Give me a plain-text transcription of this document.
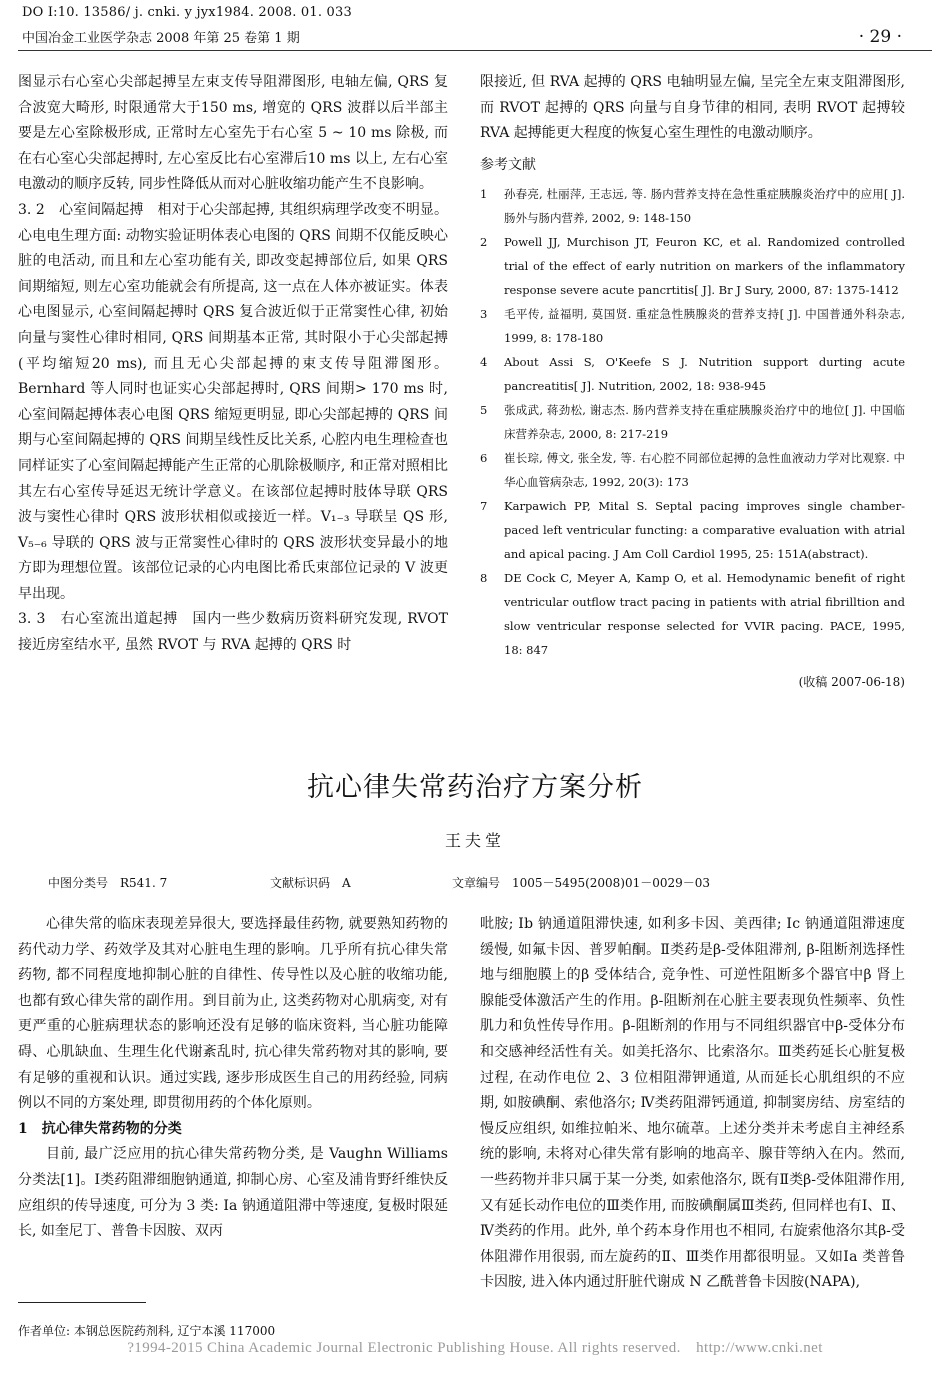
DO I:10. 13586/ j. cnki. y jyx1984. 2008. 01. 033
中国冶金工业医学杂志 2008 年第 25 卷第 1 期	· 29 ·

图显示右心室心尖部起搏呈左束支传导阻滞图形, 电轴左偏, QRS 复合波宽大畸形, 时限通常大于150 ms, 增宽的 QRS 波群以后半部主要是左心室除极形成, 正常时左心室先于右心室 5 ~ 10 ms 除极, 而在右心室心尖部起搏时, 左心室反比右心室滞后10 ms 以上, 左右心室电激动的顺序反转, 同步性降低从而对心脏收缩功能产生不良影响。

3. 2　心室间隔起搏　相对于心尖部起搏, 其组织病理学改变不明显。心电电生理方面: 动物实验证明体表心电图的 QRS 间期不仅能反映心脏的电活动, 而且和左心室功能有关, 即改变起搏部位后, 如果 QRS 间期缩短, 则左心室功能就会有所提高, 这一点在人体亦被证实。体表心电图显示, 心室间隔起搏时 QRS 复合波近似于正常窦性心律, 初始向量与窦性心律时相同, QRS 间期基本正常, 其时限小于心尖部起搏(平均缩短20 ms), 而且无心尖部起搏的束支传导阻滞图形。Bernhard 等人同时也证实心尖部起搏时, QRS 间期> 170 ms 时, 心室间隔起搏体表心电图 QRS 缩短更明显, 即心尖部起搏的 QRS 间期与心室间隔起搏的 QRS 间期呈线性反比关系, 心腔内电生理检查也同样证实了心室间隔起搏能产生正常的心肌除极顺序, 和正常对照相比其左右心室传导延迟无统计学意义。在该部位起搏时肢体导联 QRS 波与窦性心律时 QRS 波形状相似或接近一样。V₁₋₃ 导联呈 QS 形, V₅₋₆ 导联的 QRS 波与正常窦性心律时的 QRS 波形状变异最小的地方即为理想位置。该部位记录的心内电图比希氏束部位记录的 V 波更早出现。

3. 3　右心室流出道起搏　国内一些少数病历资料研究发现, RVOT 接近房室结水平, 虽然 RVOT 与 RVA 起搏的 QRS 时

限接近, 但 RVA 起搏的 QRS 电轴明显左偏, 呈完全左束支阻滞图形, 而 RVOT 起搏的 QRS 向量与自身节律的相同, 表明 RVOT 起搏较 RVA 起搏能更大程度的恢复心室生理性的电激动顺序。

参考文献
1	孙春亮, 杜丽萍, 王志远, 等. 肠内营养支持在急性重症胰腺炎治疗中的应用[ J]. 肠外与肠内营养, 2002, 9: 148-150
2	Powell JJ, Murchison JT, Feuron KC, et al. Randomized controlled trial of the effect of early nutrition on markers of the inflammatory response severe acute pancrtitis[ J]. Br J Sury, 2000, 87: 1375-1412
3	毛平传, 益福明, 莫国贤. 重症急性胰腺炎的营养支持[ J]. 中国普通外科杂志, 1999, 8: 178-180
4	About Assi S, O'Keefe S J. Nutrition support durting acute pancreatitis[ J]. Nutrition, 2002, 18: 938-945
5	张成武, 蒋劲松, 谢志杰. 肠内营养支持在重症胰腺炎治疗中的地位[ J]. 中国临床营养杂志, 2000, 8: 217-219
6	崔长琮, 傅文, 张全发, 等. 右心腔不同部位起搏的急性血液动力学对比观察. 中华心血管病杂志, 1992, 20(3): 173
7	Karpawich PP, Mital S. Septal pacing improves single chamber-paced left ventricular functing: a comparative evaluation with atrial and apical pacing. J Am Coll Cardiol 1995, 25: 151A(abstract).
8	DE Cock C, Meyer A, Kamp O, et al. Hemodynamic benefit of right ventricular outflow tract pacing in patients with atrial fibrilltion and slow ventricular response selected for VVIR pacing. PACE, 1995, 18: 847
(收稿 2007-06-18)
抗心律失常药治疗方案分析
王夫堂
中图分类号　R541. 7	文献标识码　A	文章编号　1005－5495(2008)01－0029－03

心律失常的临床表现差异很大, 要选择最佳药物, 就要熟知药物的药代动力学、药效学及其对心脏电生理的影响。几乎所有抗心律失常药物, 都不同程度地抑制心脏的自律性、传导性以及心脏的收缩功能, 也都有致心律失常的副作用。到目前为止, 这类药物对心肌病变, 对有更严重的心脏病理状态的影响还没有足够的临床资料, 当心脏功能障碍、心肌缺血、生理生化代谢紊乱时, 抗心律失常药物对其的影响, 要有足够的重视和认识。通过实践, 逐步形成医生自己的用药经验, 同病例以不同的方案处理, 即贯彻用药的个体化原则。

1　抗心律失常药物的分类

目前, 最广泛应用的抗心律失常药物分类, 是 Vaughn Williams 分类法[1]。Ⅰ类药阻滞细胞钠通道, 抑制心房、心室及浦肯野纤维快反应组织的传导速度, 可分为 3 类: Ⅰa 钠通道阻滞中等速度, 复极时限延长, 如奎尼丁、普鲁卡因胺、双丙

吡胺; Ⅰb 钠通道阻滞快速, 如利多卡因、美西律; Ⅰc 钠通道阻滞速度缓慢, 如氟卡因、普罗帕酮。Ⅱ类药是β-受体阻滞剂, β-阻断剂选择性地与细胞膜上的β 受体结合, 竞争性、可逆性阻断多个器官中β 肾上腺能受体激活产生的作用。β-阻断剂在心脏主要表现负性频率、负性肌力和负性传导作用。β-阻断剂的作用与不同组织器官中β-受体分布和交感神经活性有关。如美托洛尔、比索洛尔。Ⅲ类药延长心脏复极过程, 在动作电位 2、3 位相阻滞钾通道, 从而延长心肌组织的不应期, 如胺碘酮、索他洛尔; Ⅳ类药阻滞钙通道, 抑制窦房结、房室结的慢反应组织, 如维拉帕米、地尔硫䓬。上述分类并未考虑自主神经系统的影响, 未将对心律失常有影响的地高辛、腺苷等纳入在内。然而, 一些药物并非只属于某一分类, 如索他洛尔, 既有Ⅱ类β-受体阻滞作用, 又有延长动作电位的Ⅲ类作用, 而胺碘酮属Ⅲ类药, 但同样也有Ⅰ、Ⅱ、Ⅳ类药的作用。此外, 单个药本身作用也不相同, 右旋索他洛尔其β-受体阻滞作用很弱, 而左旋药的Ⅱ、Ⅲ类作用都很明显。又如Ⅰa 类普鲁卡因胺, 进入体内通过肝脏代谢成 N 乙酰普鲁卡因胺(NAPA),

作者单位: 本钢总医院药剂科, 辽宁本溪 117000
?1994-2015 China Academic Journal Electronic Publishing House. All rights reserved.　http://www.cnki.net
